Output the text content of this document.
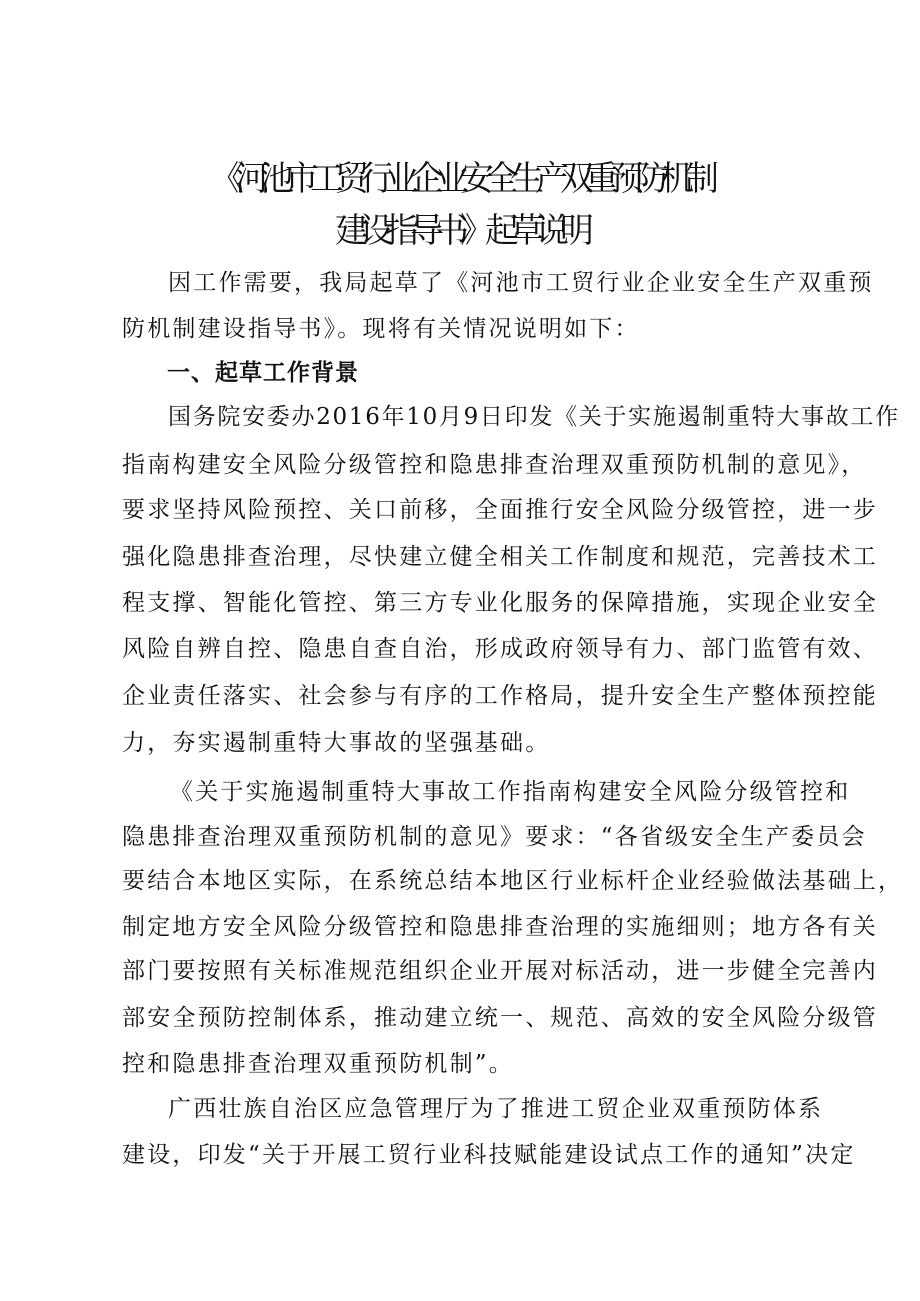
《河池市工贸行业企业安全生产双重预防机制
建设指导书》起草说明
因工作需要，我局起草了《河池市工贸行业企业安全生产双重预
防机制建设指导书》。现将有关情况说明如下：
一、起草工作背景
国务院安委办2016年10月9日印发《关于实施遏制重特大事故工作
指南构建安全风险分级管控和隐患排查治理双重预防机制的意见》，
要求坚持风险预控、关口前移，全面推行安全风险分级管控，进一步
强化隐患排查治理，尽快建立健全相关工作制度和规范，完善技术工
程支撑、智能化管控、第三方专业化服务的保障措施，实现企业安全
风险自辨自控、隐患自查自治，形成政府领导有力、部门监管有效、
企业责任落实、社会参与有序的工作格局，提升安全生产整体预控能
力，夯实遏制重特大事故的坚强基础。
《关于实施遏制重特大事故工作指南构建安全风险分级管控和
隐患排查治理双重预防机制的意见》要求：“各省级安全生产委员会
要结合本地区实际，在系统总结本地区行业标杆企业经验做法基础上，
制定地方安全风险分级管控和隐患排查治理的实施细则；地方各有关
部门要按照有关标准规范组织企业开展对标活动，进一步健全完善内
部安全预防控制体系，推动建立统一、规范、高效的安全风险分级管
控和隐患排查治理双重预防机制”。
广西壮族自治区应急管理厅为了推进工贸企业双重预防体系
建设，印发“关于开展工贸行业科技赋能建设试点工作的通知”决定
